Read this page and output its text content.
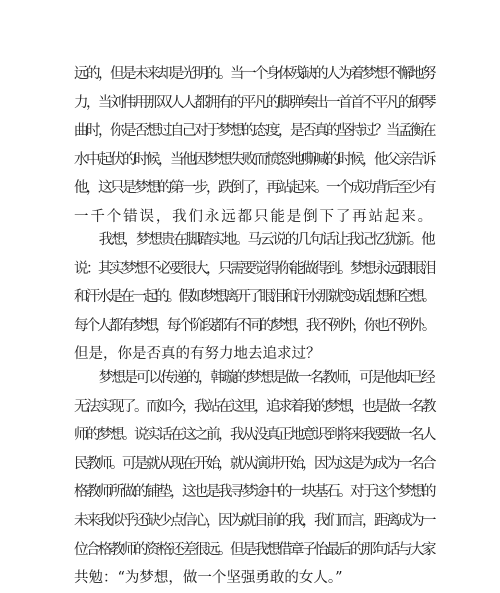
远的，但是未来却是光明的。当一个身体残缺的人为着梦想不懈地努
力，当刘伟用那双人人都拥有的平凡的脚弹奏出一首首不平凡的钢琴
曲时，你是否想过自己对于梦想的态度，是否真的坚持过？当孟衡在
水中起伏的时候，当他因梦想失败而愤怒地嘶喊的时候，他父亲告诉
他，这只是梦想的第一步，跌倒了，再站起来。一个成功背后至少有
一千个错误，我们永远都只能是倒下了再站起来。
　　我想，梦想贵在脚踏实地。马云说的几句话让我记忆犹新。他
说：其实梦想不必要很大，只需要觉得你能做得到。梦想永远跟眼泪
和汗水是在一起的。假如梦想离开了眼泪和汗水那就变成乱想和空想。
每个人都有梦想，每个阶段都有不同的梦想，我不例外，你也不例外。
但是，你是否真的有努力地去追求过？
　　梦想是可以传递的，韩璇的梦想是做一名教师，可是他却已经
无法实现了。而如今，我站在这里，追求着我的梦想，也是做一名教
师的梦想。说实话在这之前，我从没真正地意识到将来我要做一名人
民教师。可是就从现在开始，就从演讲开始，因为这是为成为一名合
格教师所做的铺垫，这也是我寻梦途中的一块基石。对于这个梦想的
未来我似乎还缺少点信心，因为就目前的我，我们而言，距离成为一
位合格教师的资格还差很远。但是我想借章子怡最后的那句话与大家
共勉：“为梦想，做一个坚强勇敢的女人。”
